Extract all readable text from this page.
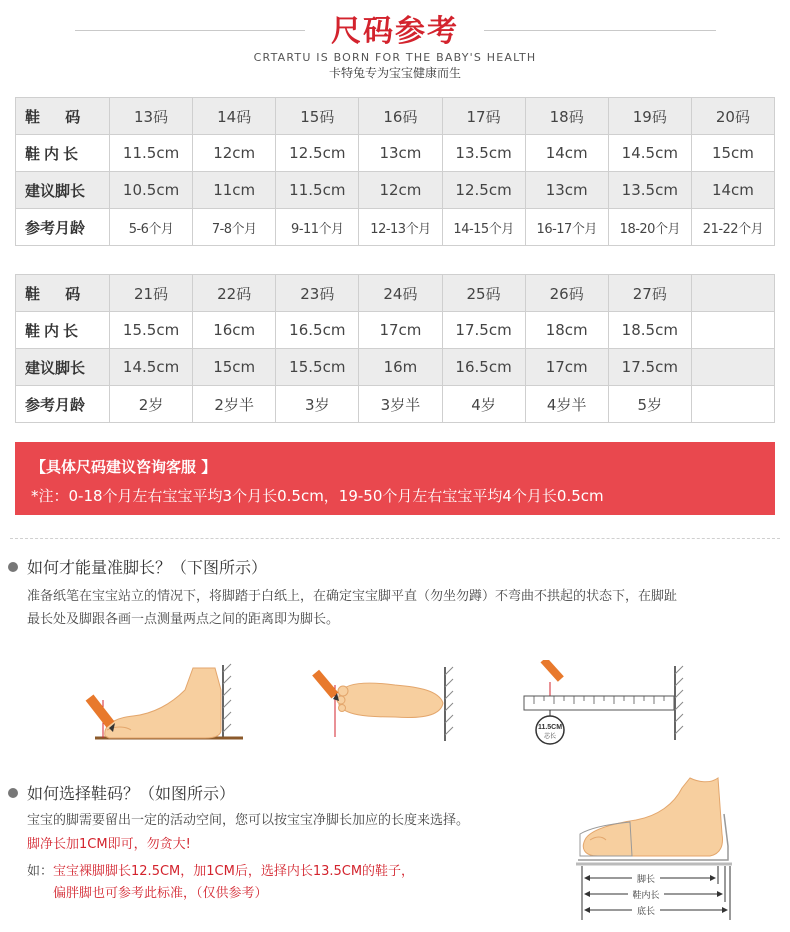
尺码参考
CRTARTU IS BORN FOR THE BABY'S HEALTH
卡特兔专为宝宝健康而生
鞋 码	13码	14码	15码	16码	17码	18码	19码	20码
鞋内长	11.5cm	12cm	12.5cm	13cm	13.5cm	14cm	14.5cm	15cm
建议脚长	10.5cm	11cm	11.5cm	12cm	12.5cm	13cm	13.5cm	14cm
参考月龄	5-6个月	7-8个月	9-11个月	12-13个月	14-15个月	16-17个月	18-20个月	21-22个月
鞋 码	21码	22码	23码	24码	25码	26码	27码	
鞋内长	15.5cm	16cm	16.5cm	17cm	17.5cm	18cm	18.5cm	
建议脚长	14.5cm	15cm	15.5cm	16m	16.5cm	17cm	17.5cm	
参考月龄	2岁	2岁半	3岁	3岁半	4岁	4岁半	5岁	
【具体尺码建议咨询客服 】
*注：0-18个月左右宝宝平均3个月长0.5cm，19-50个月左右宝宝平均4个月长0.5cm
如何才能量准脚长？（下图所示）
准备纸笔在宝宝站立的情况下，将脚踏于白纸上，在确定宝宝脚平直（勿坐勿蹲）不弯曲不拱起的状态下，在脚趾
最长处及脚跟各画一点测量两点之间的距离即为脚长。
11.5CM
芯长
如何选择鞋码？（如图所示）
宝宝的脚需要留出一定的活动空间，您可以按宝宝净脚长加应的长度来选择。
脚净长加1CM即可，勿贪大!
如：宝宝裸脚脚长12.5CM，加1CM后，选择内长13.5CM的鞋子，
偏胖脚也可参考此标准，（仅供参考）
脚长
鞋内长
底长
